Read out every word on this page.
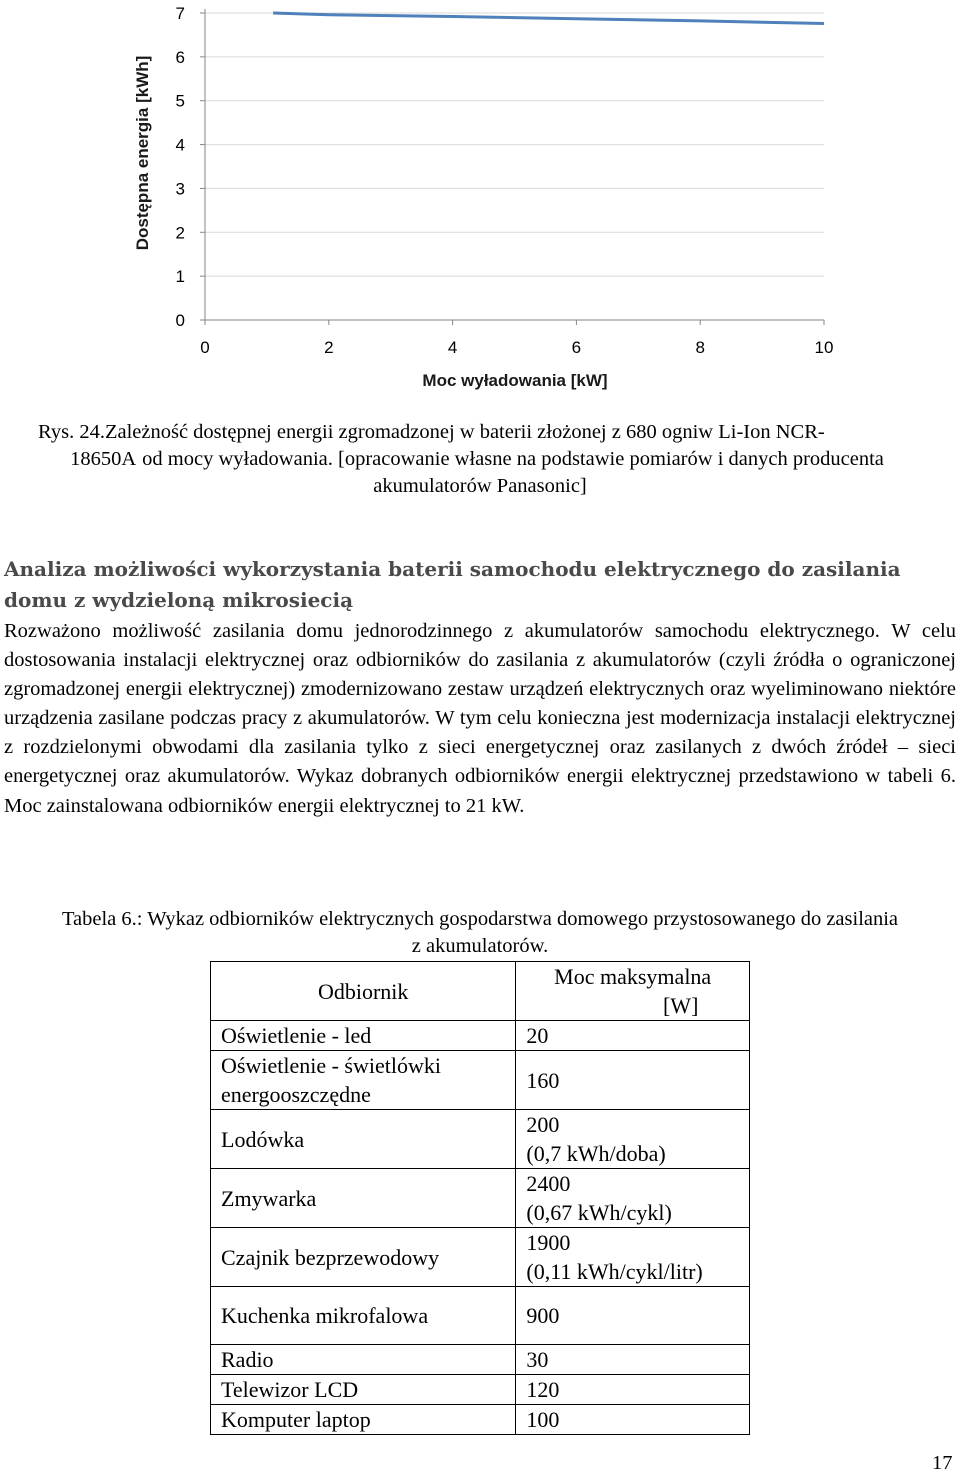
0
1
2
3
4
5
6
7
0	2	4	6	8	10
Moc wyładowania [kW]
Dostępna energia [kWh]
Rys. 24.Zależność dostępnej energii zgromadzonej w baterii złożonej z 680 ogniw Li-Ion NCR-
18650A od mocy wyładowania. [opracowanie własne na podstawie pomiarów i danych producenta
akumulatorów Panasonic]
Analiza możliwości wykorzystania baterii samochodu elektrycznego do zasilania domu z wydzieloną mikrosiecią

Rozważono możliwość zasilania domu jednorodzinnego z akumulatorów samochodu elektrycznego. W celu dostosowania instalacji elektrycznej oraz odbiorników do zasilania z akumulatorów (czyli źródła o ograniczonej zgromadzonej energii elektrycznej) zmodernizowano zestaw urządzeń elektrycznych oraz wyeliminowano niektóre urządzenia zasilane podczas pracy z akumulatorów. W tym celu konieczna jest modernizacja instalacji elektrycznej z rozdzielonymi obwodami dla zasilania tylko z sieci energetycznej oraz zasilanych z dwóch źródeł – sieci energetycznej oraz akumulatorów. Wykaz dobranych odbiorników energii elektrycznej przedstawiono w tabeli 6. Moc zainstalowana odbiorników energii elektrycznej to 21 kW.

Tabela 6.: Wykaz odbiorników elektrycznych gospodarstwa domowego przystosowanego do zasilania
z akumulatorów.
Odbiornik	Moc maksymalna
[W]

Oświetlenie - led	20

Oświetlenie - świetlówki
energooszczędne	160
Lodówka	200
(0,7 kWh/doba)

Zmywarka	2400
(0,67 kWh/cykl)

Czajnik bezprzewodowy	1900
(0,11 kWh/cykl/litr)

Kuchenka mikrofalowa	900
Radio	30
Telewizor LCD	120
Komputer laptop	100
17
